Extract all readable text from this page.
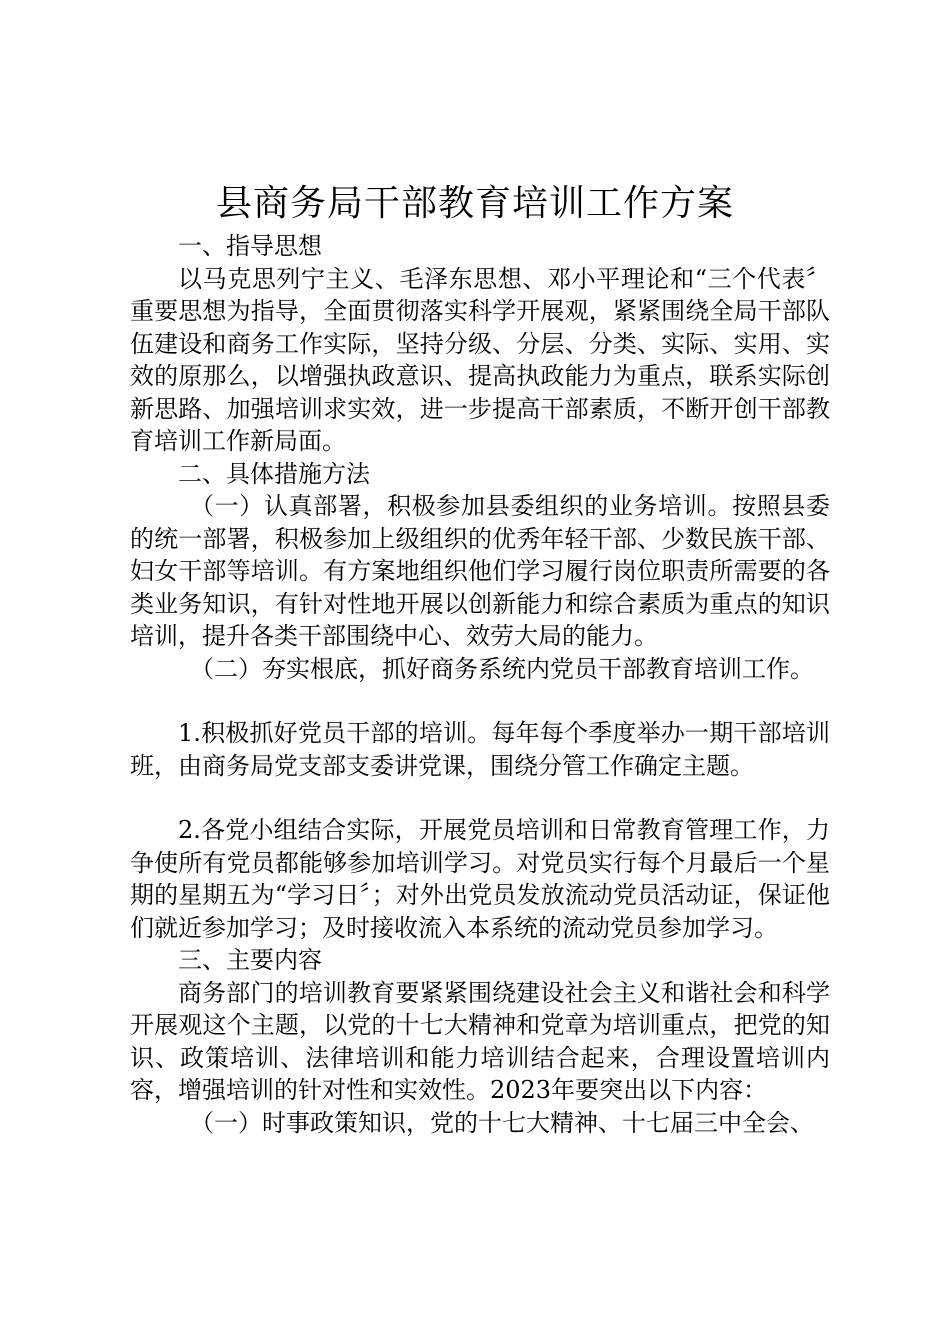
县商务局干部教育培训工作方案

一、指导思想

以马克思列宁主义、毛泽东思想、邓小平理论和“三个代表〞重要思想为指导，全面贯彻落实科学开展观，紧紧围绕全局干部队伍建设和商务工作实际，坚持分级、分层、分类、实际、实用、实效的原那么，以增强执政意识、提高执政能力为重点，联系实际创新思路、加强培训求实效，进一步提高干部素质，不断开创干部教育培训工作新局面。

二、具体措施方法

（一）认真部署，积极参加县委组织的业务培训。按照县委的统一部署，积极参加上级组织的优秀年轻干部、少数民族干部、妇女干部等培训。有方案地组织他们学习履行岗位职责所需要的各类业务知识，有针对性地开展以创新能力和综合素质为重点的知识培训，提升各类干部围绕中心、效劳大局的能力。

（二）夯实根底，抓好商务系统内党员干部教育培训工作。

1.积极抓好党员干部的培训。每年每个季度举办一期干部培训班，由商务局党支部支委讲党课，围绕分管工作确定主题。

2.各党小组结合实际，开展党员培训和日常教育管理工作，力争使所有党员都能够参加培训学习。对党员实行每个月最后一个星期的星期五为“学习日〞；对外出党员发放流动党员活动证，保证他们就近参加学习；及时接收流入本系统的流动党员参加学习。

三、主要内容

商务部门的培训教育要紧紧围绕建设社会主义和谐社会和科学开展观这个主题，以党的十七大精神和党章为培训重点，把党的知识、政策培训、法律培训和能力培训结合起来，合理设置培训内容，增强培训的针对性和实效性。2023年要突出以下内容：

（一）时事政策知识，党的十七大精神、十七届三中全会、
